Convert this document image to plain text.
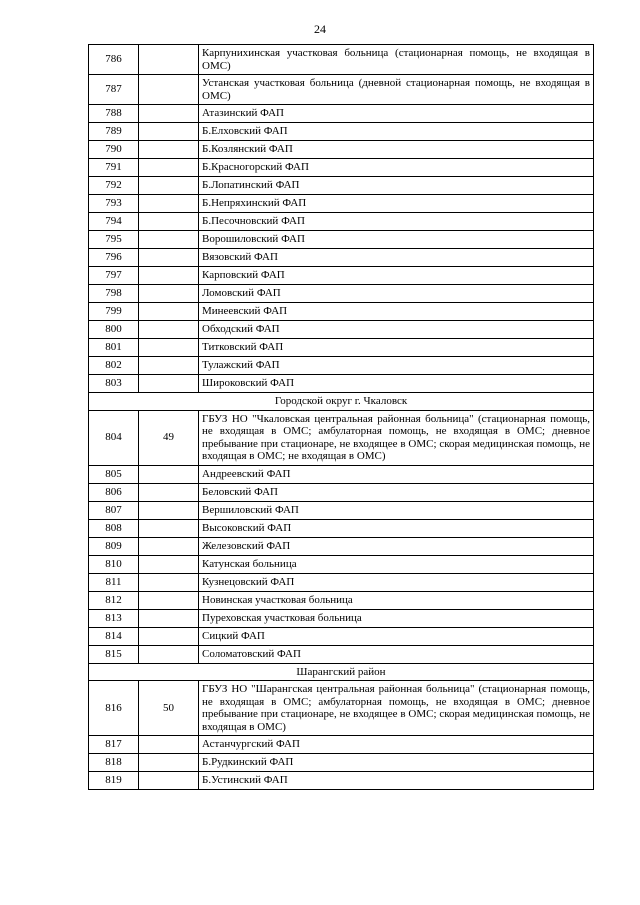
24
786		Карпунихинская участковая больница (стационарная помощь, не входящая в ОМС)
787		Устанская участковая больница (дневной стационарная помощь, не входящая в ОМС)
788		Атазинский ФАП
789		Б.Елховский ФАП
790		Б.Козлянский ФАП
791		Б.Красногорский ФАП
792		Б.Лопатинский ФАП
793		Б.Непряхинский ФАП
794		Б.Песочновский ФАП
795		Ворошиловский ФАП
796		Вязовский ФАП
797		Карповский ФАП
798		Ломовский ФАП
799		Минеевский ФАП
800		Обходский ФАП
801		Титковский ФАП
802		Тулажский ФАП
803		Широковский ФАП
Городской округ г. Чкаловск		
804	49	ГБУЗ НО "Чкаловская центральная районная больница" (стационарная помощь, не входящая в ОМС; амбулаторная помощь, не входящая в ОМС; дневное пребывание при стационаре, не входящее в ОМС; скорая медицинская помощь, не входящая в ОМС; не входящая в ОМС)
805		Андреевский ФАП
806		Беловский ФАП
807		Вершиловский ФАП
808		Высоковский ФАП
809		Железовский ФАП
810		Катунская больница
811		Кузнецовский ФАП
812		Новинская участковая больница
813		Пуреховская участковая больница
814		Сицкий ФАП
815		Соломатовский ФАП
Шарангский район		
816	50	ГБУЗ НО "Шарангская центральная районная больница" (стационарная помощь, не входящая в ОМС; амбулаторная помощь, не входящая в ОМС; дневное пребывание при стационаре, не входящее в ОМС; скорая медицинская помощь, не входящая в ОМС)
817		Астанчургский ФАП
818		Б.Рудкинский ФАП
819		Б.Устинский ФАП
